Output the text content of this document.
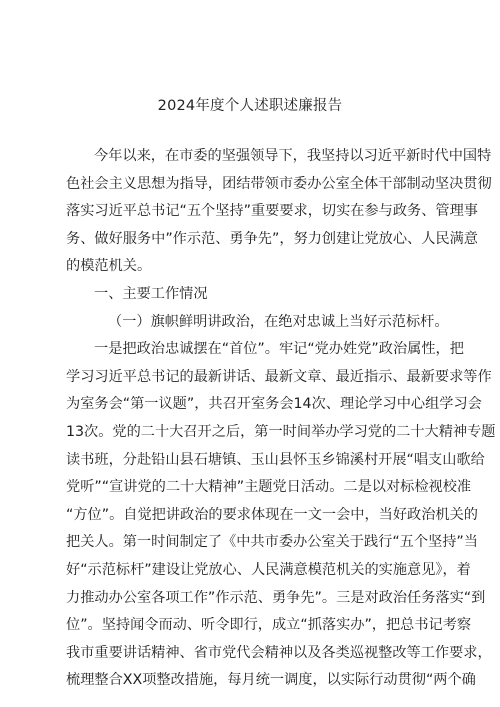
2024年度个人述职述廉报告
今年以来，在市委的坚强领导下，我坚持以习近平新时代中国特
色社会主义思想为指导，团结带领市委办公室全体干部制动坚决贯彻
落实习近平总书记“五个坚持”重要要求，切实在参与政务、管理事
务、做好服务中”作示范、勇争先”，努力创建让党放心、人民满意
的模范机关。
一、主要工作情况
（一）旗帜鲜明讲政治，在绝对忠诚上当好示范标杆。
一是把政治忠诚摆在“首位”。牢记“党办姓党”政治属性，把
学习习近平总书记的最新讲话、最新文章、最近指示、最新要求等作
为室务会“第一议题”，共召开室务会14次、理论学习中心组学习会
13次。党的二十大召开之后，第一时间举办学习党的二十大精神专题
读书班，分赴铅山县石塘镇、玉山县怀玉乡锦溪村开展“唱支山歌给
党听”“宣讲党的二十大精神”主题党日活动。二是以对标检视校准
“方位”。自觉把讲政治的要求体现在一文一会中，当好政治机关的
把关人。第一时间制定了《中共市委办公室关于践行“五个坚持”当
好“示范标杆”建设让党放心、人民满意模范机关的实施意见》，着
力推动办公室各项工作”作示范、勇争先”。三是对政治任务落实“到
位”。坚持闻令而动、听令即行，成立“抓落实办”，把总书记考察
我市重要讲话精神、省市党代会精神以及各类巡视整改等工作要求，
梳理整合XX项整改措施，每月统一调度，以实际行动贯彻“两个确
